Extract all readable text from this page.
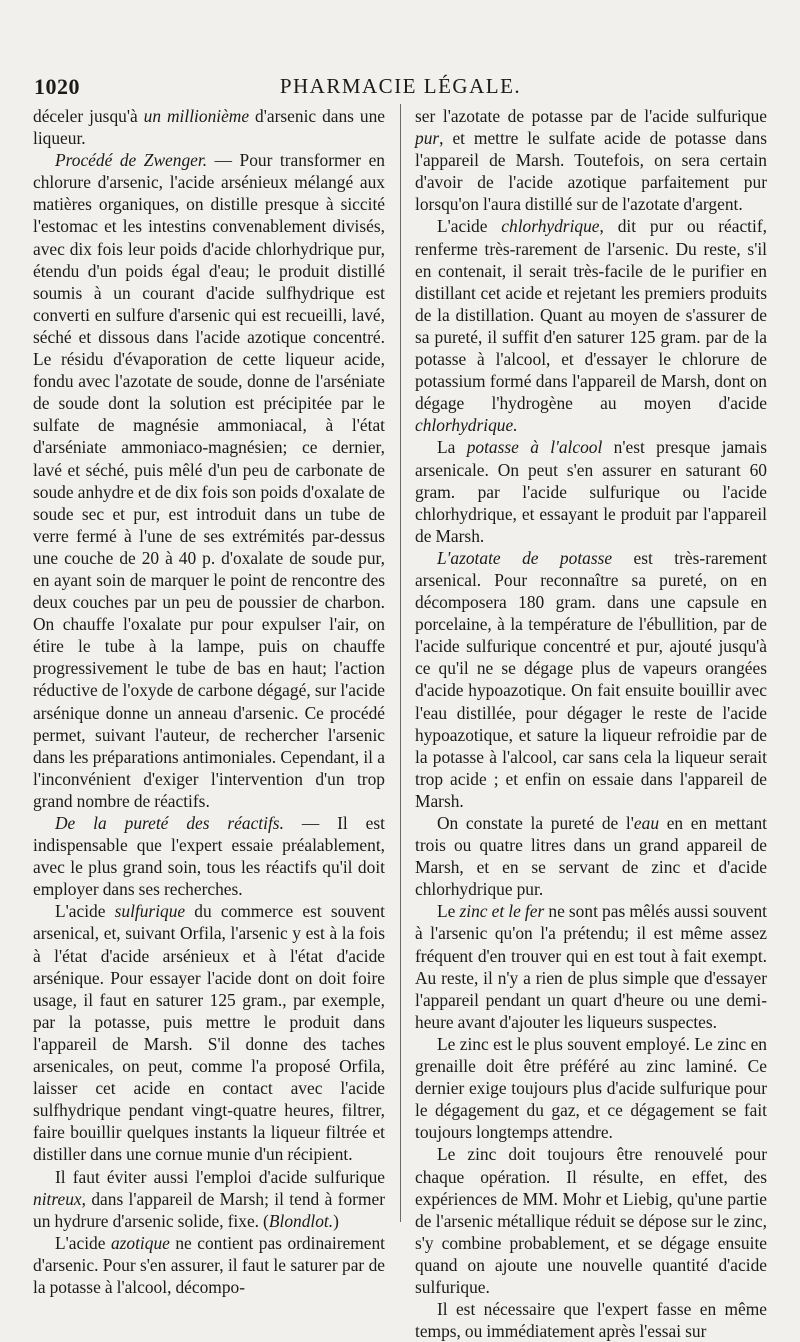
1020	PHARMACIE LÉGALE.

déceler jusqu'à un millionième d'arsenic dans une liqueur.

Procédé de Zwenger. — Pour transformer en chlorure d'arsenic, l'acide arsénieux mélangé aux matières organiques, on distille presque à siccité l'estomac et les intestins convenablement divisés, avec dix fois leur poids d'acide chlorhydrique pur, étendu d'un poids égal d'eau; le produit distillé soumis à un courant d'acide sulfhydrique est converti en sulfure d'arsenic qui est recueilli, lavé, séché et dissous dans l'acide azotique concentré. Le résidu d'évaporation de cette liqueur acide, fondu avec l'azotate de soude, donne de l'arséniate de soude dont la solution est précipitée par le sulfate de magnésie ammoniacal, à l'état d'arséniate ammoniaco-magnésien; ce dernier, lavé et séché, puis mêlé d'un peu de carbonate de soude anhydre et de dix fois son poids d'oxalate de soude sec et pur, est introduit dans un tube de verre fermé à l'une de ses extrémités par-dessus une couche de 20 à 40 p. d'oxalate de soude pur, en ayant soin de marquer le point de rencontre des deux couches par un peu de poussier de charbon. On chauffe l'oxalate pur pour expulser l'air, on étire le tube à la lampe, puis on chauffe progressivement le tube de bas en haut; l'action réductive de l'oxyde de carbone dégagé, sur l'acide arsénique donne un anneau d'arsenic. Ce procédé permet, suivant l'auteur, de rechercher l'arsenic dans les préparations antimoniales. Cependant, il a l'inconvénient d'exiger l'intervention d'un trop grand nombre de réactifs.

De la pureté des réactifs. — Il est indispensable que l'expert essaie préalablement, avec le plus grand soin, tous les réactifs qu'il doit employer dans ses recherches.

L'acide sulfurique du commerce est souvent arsenical, et, suivant Orfila, l'arsenic y est à la fois à l'état d'acide arsénieux et à l'état d'acide arsénique. Pour essayer l'acide dont on doit foire usage, il faut en saturer 125 gram., par exemple, par la potasse, puis mettre le produit dans l'appareil de Marsh. S'il donne des taches arsenicales, on peut, comme l'a proposé Orfila, laisser cet acide en contact avec l'acide sulfhydrique pendant vingt-quatre heures, filtrer, faire bouillir quelques instants la liqueur filtrée et distiller dans une cornue munie d'un récipient.

Il faut éviter aussi l'emploi d'acide sulfurique nitreux, dans l'appareil de Marsh; il tend à former un hydrure d'arsenic solide, fixe. (Blondlot.)

L'acide azotique ne contient pas ordinairement d'arsenic. Pour s'en assurer, il faut le saturer par de la potasse à l'alcool, décompo-

ser l'azotate de potasse par de l'acide sulfurique pur, et mettre le sulfate acide de potasse dans l'appareil de Marsh. Toutefois, on sera certain d'avoir de l'acide azotique parfaitement pur lorsqu'on l'aura distillé sur de l'azotate d'argent.

L'acide chlorhydrique, dit pur ou réactif, renferme très-rarement de l'arsenic. Du reste, s'il en contenait, il serait très-facile de le purifier en distillant cet acide et rejetant les premiers produits de la distillation. Quant au moyen de s'assurer de sa pureté, il suffit d'en saturer 125 gram. par de la potasse à l'alcool, et d'essayer le chlorure de potassium formé dans l'appareil de Marsh, dont on dégage l'hydrogène au moyen d'acide chlorhydrique.

La potasse à l'alcool n'est presque jamais arsenicale. On peut s'en assurer en saturant 60 gram. par l'acide sulfurique ou l'acide chlorhydrique, et essayant le produit par l'appareil de Marsh.

L'azotate de potasse est très-rarement arsenical. Pour reconnaître sa pureté, on en décomposera 180 gram. dans une capsule en porcelaine, à la température de l'ébullition, par de l'acide sulfurique concentré et pur, ajouté jusqu'à ce qu'il ne se dégage plus de vapeurs orangées d'acide hypoazotique. On fait ensuite bouillir avec l'eau distillée, pour dégager le reste de l'acide hypoazotique, et sature la liqueur refroidie par de la potasse à l'alcool, car sans cela la liqueur serait trop acide ; et enfin on essaie dans l'appareil de Marsh.

On constate la pureté de l'eau en en mettant trois ou quatre litres dans un grand appareil de Marsh, et en se servant de zinc et d'acide chlorhydrique pur.

Le zinc et le fer ne sont pas mêlés aussi souvent à l'arsenic qu'on l'a prétendu; il est même assez fréquent d'en trouver qui en est tout à fait exempt. Au reste, il n'y a rien de plus simple que d'essayer l'appareil pendant un quart d'heure ou une demi-heure avant d'ajouter les liqueurs suspectes.

Le zinc est le plus souvent employé. Le zinc en grenaille doit être préféré au zinc laminé. Ce dernier exige toujours plus d'acide sulfurique pour le dégagement du gaz, et ce dégagement se fait toujours longtemps attendre.

Le zinc doit toujours être renouvelé pour chaque opération. Il résulte, en effet, des expériences de MM. Mohr et Liebig, qu'une partie de l'arsenic métallique réduit se dépose sur le zinc, s'y combine probablement, et se dégage ensuite quand on ajoute une nouvelle quantité d'acide sulfurique.

Il est nécessaire que l'expert fasse en même temps, ou immédiatement après l'essai sur
